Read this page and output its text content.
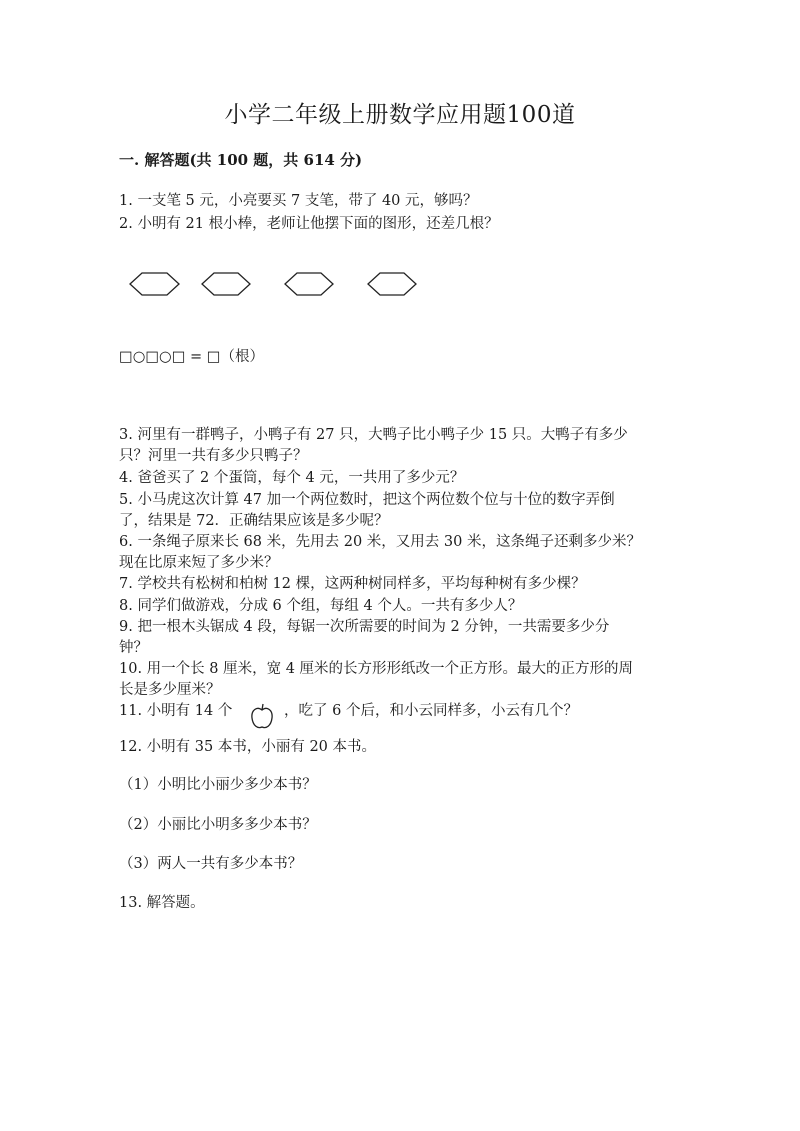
小学二年级上册数学应用题100道
一. 解答题(共 100 题，共 614 分)
1. 一支笔 5 元，小亮要买 7 支笔，带了 40 元，够吗？
2. 小明有 21 根小棒，老师让他摆下面的图形，还差几根？
□○□○□ = □（根）
3. 河里有一群鸭子，小鸭子有 27 只，大鸭子比小鸭子少 15 只。大鸭子有多少
只？河里一共有多少只鸭子？
4. 爸爸买了 2 个蛋筒，每个 4 元，一共用了多少元？
5. 小马虎这次计算 47 加一个两位数时，把这个两位数个位与十位的数字弄倒
了，结果是 72．正确结果应该是多少呢？
6. 一条绳子原来长 68 米，先用去 20 米，又用去 30 米，这条绳子还剩多少米？
现在比原来短了多少米？
7. 学校共有松树和柏树 12 棵，这两种树同样多，平均每种树有多少棵？
8. 同学们做游戏，分成 6 个组，每组 4 个人。一共有多少人？
9. 把一根木头锯成 4 段，每锯一次所需要的时间为 2 分钟，一共需要多少分
钟？
10. 用一个长 8 厘米，宽 4 厘米的长方形形纸改一个正方形。最大的正方形的周
长是多少厘米？
11. 小明有 14 个	，吃了 6 个后，和小云同样多，小云有几个？
12. 小明有 35 本书，小丽有 20 本书。
（1）小明比小丽少多少本书？
（2）小丽比小明多多少本书？
（3）两人一共有多少本书？
13. 解答题。
